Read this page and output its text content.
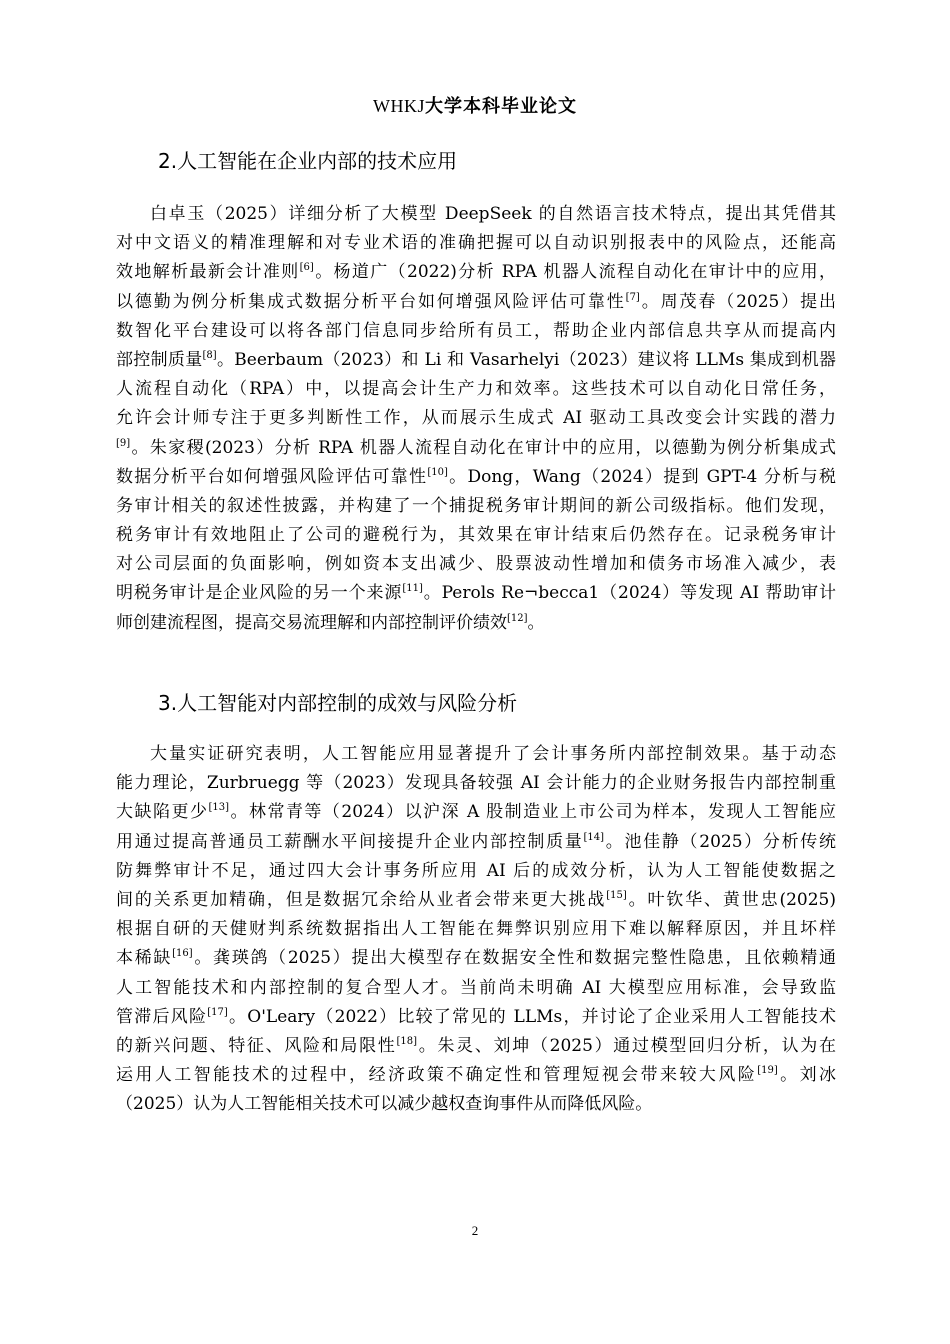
WHKJ大学本科毕业论文
2.人工智能在企业内部的技术应用
白卓玉（2025）详细分析了大模型 DeepSeek 的自然语言技术特点，提出其凭借其
对中文语义的精准理解和对专业术语的准确把握可以自动识别报表中的风险点，还能高
效地解析最新会计准则[6]。杨道广（2022)分析 RPA 机器人流程自动化在审计中的应用，
以德勤为例分析集成式数据分析平台如何增强风险评估可靠性[7]。周茂春（2025）提出
数智化平台建设可以将各部门信息同步给所有员工，帮助企业内部信息共享从而提高内
部控制质量[8]。Beerbaum（2023）和 Li 和 Vasarhelyi（2023）建议将 LLMs 集成到机器
人流程自动化（RPA）中，以提高会计生产力和效率。这些技术可以自动化日常任务，
允许会计师专注于更多判断性工作，从而展示生成式 AI 驱动工具改变会计实践的潜力
[9]。朱家稷(2023）分析 RPA 机器人流程自动化在审计中的应用，以德勤为例分析集成式
数据分析平台如何增强风险评估可靠性[10]。Dong，Wang（2024）提到 GPT-4 分析与税
务审计相关的叙述性披露，并构建了一个捕捉税务审计期间的新公司级指标。他们发现，
税务审计有效地阻止了公司的避税行为，其效果在审计结束后仍然存在。记录税务审计
对公司层面的负面影响，例如资本支出减少、股票波动性增加和债务市场准入减少，表
明税务审计是企业风险的另一个来源[11]。Perols Re¬becca1（2024）等发现 AI 帮助审计
师创建流程图，提高交易流理解和内部控制评价绩效[12]。
3.人工智能对内部控制的成效与风险分析
大量实证研究表明，人工智能应用显著提升了会计事务所内部控制效果。基于动态
能力理论，Zurbruegg 等（2023）发现具备较强 AI 会计能力的企业财务报告内部控制重
大缺陷更少[13]。林常青等（2024）以沪深 A 股制造业上市公司为样本，发现人工智能应
用通过提高普通员工薪酬水平间接提升企业内部控制质量[14]。池佳静（2025）分析传统
防舞弊审计不足，通过四大会计事务所应用 AI 后的成效分析，认为人工智能使数据之
间的关系更加精确，但是数据冗余给从业者会带来更大挑战[15]。叶钦华、黄世忠(2025)
根据自研的天健财判系统数据指出人工智能在舞弊识别应用下难以解释原因，并且坏样
本稀缺[16]。龚瑛鸽（2025）提出大模型存在数据安全性和数据完整性隐患，且依赖精通
人工智能技术和内部控制的复合型人才。当前尚未明确 AI 大模型应用标准，会导致监
管滞后风险[17]。O'Leary（2022）比较了常见的 LLMs，并讨论了企业采用人工智能技术
的新兴问题、特征、风险和局限性[18]。朱灵、刘坤（2025）通过模型回归分析，认为在
运用人工智能技术的过程中，经济政策不确定性和管理短视会带来较大风险[19]。刘冰
（2025）认为人工智能相关技术可以减少越权查询事件从而降低风险。
2
